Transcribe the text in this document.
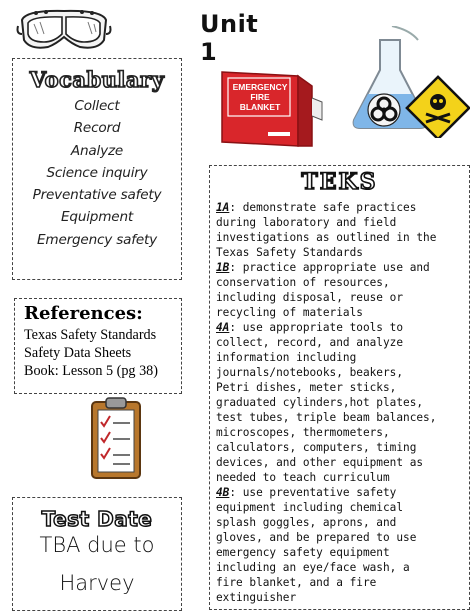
Unit 1
EMERGENCY
FIRE
BLANKET
Vocabulary
Collect
Record
Analyze
Science inquiry
Preventative safety
Equipment
Emergency safety
References:
Texas Safety Standards
Safety Data Sheets
Book: Lesson 5 (pg 38)
Test Date
TBA due to
Harvey
TEKS
1A: demonstrate safe practices
during laboratory and field
investigations as outlined in the
Texas Safety Standards
1B: practice appropriate use and
conservation of resources,
including disposal, reuse or
recycling of materials
4A: use appropriate tools to
collect, record, and analyze
information including
journals/notebooks, beakers,
Petri dishes, meter sticks,
graduated cylinders,hot plates,
test tubes, triple beam balances,
microscopes, thermometers,
calculators, computers, timing
devices, and other equipment as
needed to teach curriculum
4B: use preventative safety
equipment including chemical
splash goggles, aprons, and
gloves, and be prepared to use
emergency safety equipment
including an eye/face wash, a
fire blanket, and a fire
extinguisher
